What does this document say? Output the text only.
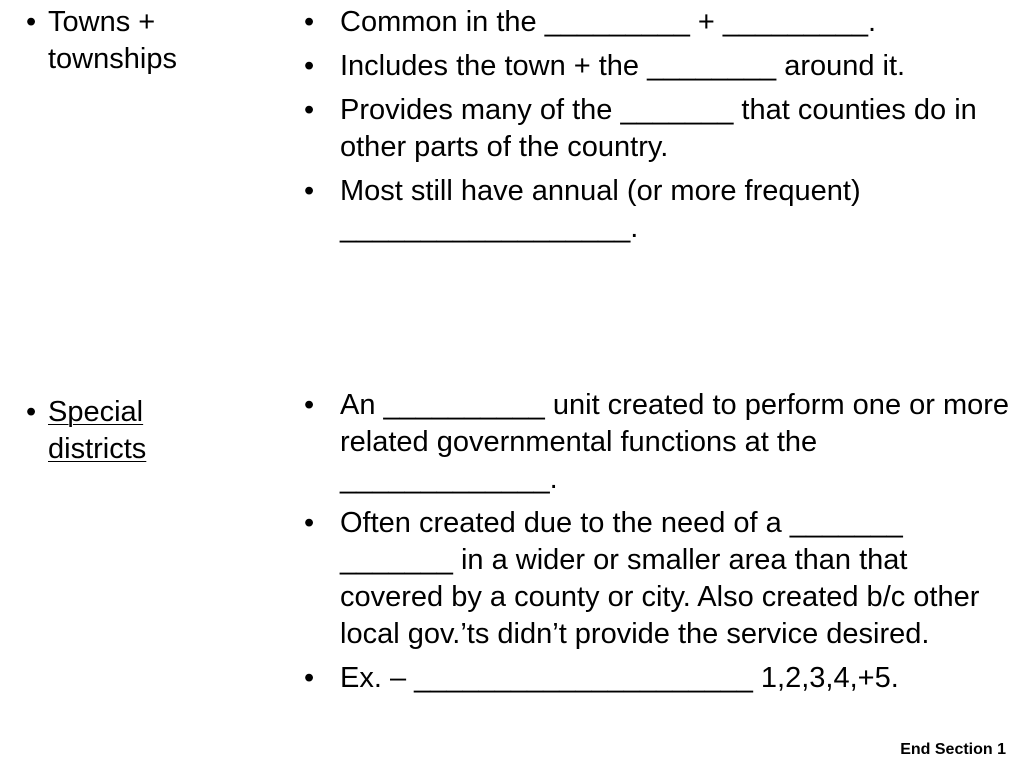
• Towns + townships
• Common in the _________ + _________.
• Includes the town + the ________ around it.
• Provides many of the _______ that counties do in other parts of the country.
• Most still have annual (or more frequent) __________________.
• Special districts
• An __________ unit created to perform one or more related governmental functions at the _____________.
• Often created due to the need of a _______ _______ in a wider or smaller area than that covered by a county or city. Also created b/c other local gov.’ts didn’t provide the service desired.
• Ex. – _____________________ 1,2,3,4,+5.
End Section 1
